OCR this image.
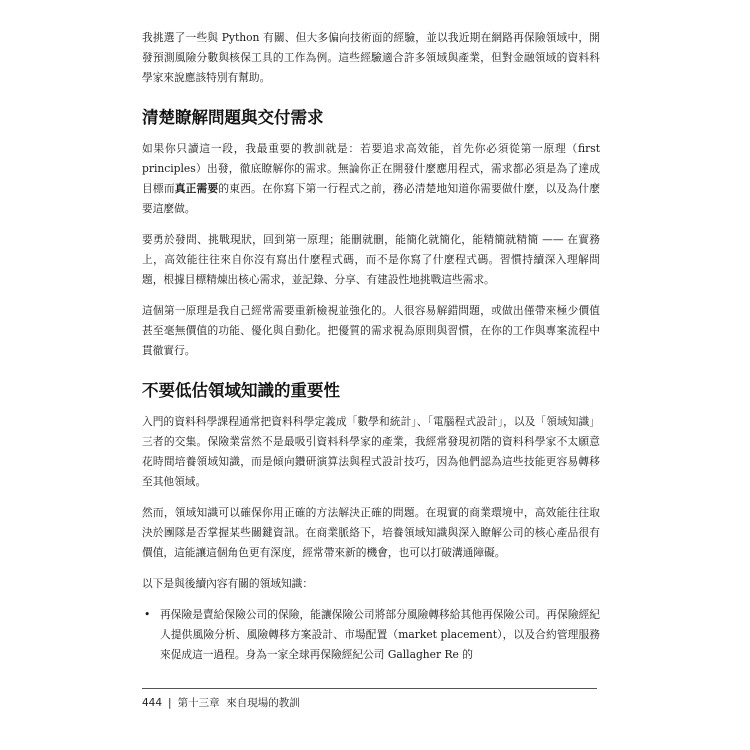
我挑選了一些與 Python 有關、但大多偏向技術面的經驗，並以我近期在網路再保險領域中，開發預測風險分數與核保工具的工作為例。這些經驗適合許多領域與產業，但對金融領域的資料科學家來說應該特別有幫助。

清楚瞭解問題與交付需求

如果你只讀這一段，我最重要的教訓就是：若要追求高效能，首先你必須從第一原理（first principles）出發，徹底瞭解你的需求。無論你正在開發什麼應用程式，需求都必須是為了達成目標而真正需要的東西。在你寫下第一行程式之前，務必清楚地知道你需要做什麼，以及為什麼要這麼做。

要勇於發問、挑戰現狀，回到第一原理；能刪就刪，能簡化就簡化，能精簡就精簡 —— 在實務上，高效能往往來自你沒有寫出什麼程式碼，而不是你寫了什麼程式碼。習慣持續深入理解問題，根據目標精煉出核心需求，並記錄、分享、有建設性地挑戰這些需求。

這個第一原理是我自己經常需要重新檢視並強化的。人很容易解錯問題，或做出僅帶來極少價值甚至毫無價值的功能、優化與自動化。把優質的需求視為原則與習慣，在你的工作與專案流程中貫徹實行。

不要低估領域知識的重要性

入門的資料科學課程通常把資料科學定義成「數學和統計」、「電腦程式設計」，以及「領域知識」三者的交集。保險業當然不是最吸引資料科學家的產業，我經常發現初階的資料科學家不太願意花時間培養領域知識，而是傾向鑽研演算法與程式設計技巧，因為他們認為這些技能更容易轉移至其他領域。

然而，領域知識可以確保你用正確的方法解決正確的問題。在現實的商業環境中，高效能往往取決於團隊是否掌握某些關鍵資訊。在商業脈絡下，培養領域知識與深入瞭解公司的核心產品很有價值，這能讓這個角色更有深度，經常帶來新的機會，也可以打破溝通障礙。

以下是與後續內容有關的領域知識：

• 再保險是賣給保險公司的保險，能讓保險公司將部分風險轉移給其他再保險公司。再保險經紀人提供風險分析、風險轉移方案設計、市場配置（market placement），以及合約管理服務來促成這一過程。身為一家全球再保險經紀公司 Gallagher Re 的
444 | 第十三章 來自現場的教訓
